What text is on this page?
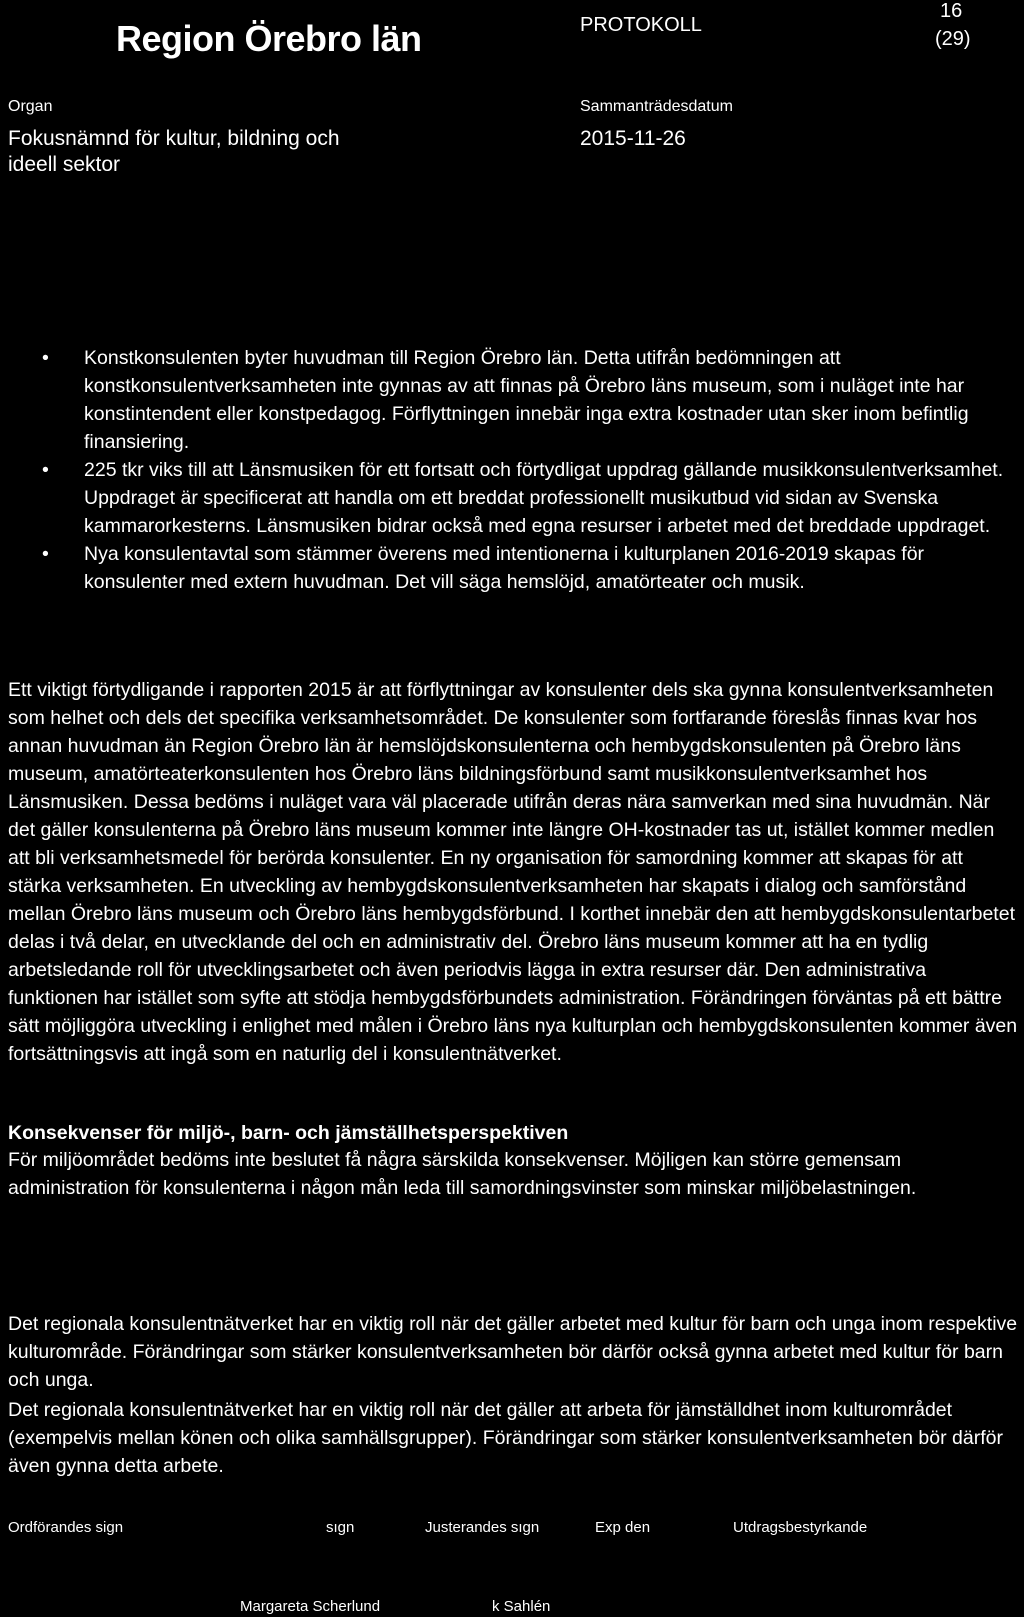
Region Örebro län	PROTOKOLL
16
(29)
Organ
Fokusnämnd för kultur, bildning och ideell sektor
Sammanträdesdatum
2015-11-26
• Konstkonsulenten byter huvudman till Region Örebro län. Detta utifrån bedömningen att konstkonsulentverksamheten inte gynnas av att finnas på Örebro läns museum, som i nuläget inte har konstintendent eller konstpedagog. Förflyttningen innebär inga extra kostnader utan sker inom befintlig finansiering.
• 225 tkr viks till att Länsmusiken för ett fortsatt och förtydligat uppdrag gällande musikkonsulentverksamhet. Uppdraget är specificerat att handla om ett breddat professionellt musikutbud vid sidan av Svenska kammarorkesterns. Länsmusiken bidrar också med egna resurser i arbetet med det breddade uppdraget.
• Nya konsulentavtal som stämmer överens med intentionerna i kulturplanen 2016-2019 skapas för konsulenter med extern huvudman. Det vill säga hemslöjd, amatörteater och musik.
Ett viktigt förtydligande i rapporten 2015 är att förflyttningar av konsulenter dels ska gynna konsulentverksamheten som helhet och dels det specifika verksamhetsområdet. De konsulenter som fortfarande föreslås finnas kvar hos annan huvudman än Region Örebro län är hemslöjdskonsulenterna och hembygdskonsulenten på Örebro läns museum, amatörteaterkonsulenten hos Örebro läns bildningsförbund samt musikkonsulentverksamhet hos Länsmusiken. Dessa bedöms i nuläget vara väl placerade utifrån deras nära samverkan med sina huvudmän. När det gäller konsulenterna på Örebro läns museum kommer inte längre OH-kostnader tas ut, istället kommer medlen att bli verksamhetsmedel för berörda konsulenter. En ny organisation för samordning kommer att skapas för att stärka verksamheten. En utveckling av hembygdskonsulentverksamheten har skapats i dialog och samförstånd mellan Örebro läns museum och Örebro läns hembygdsförbund. I korthet innebär den att hembygdskonsulentarbetet delas i två delar, en utvecklande del och en administrativ del. Örebro läns museum kommer att ha en tydlig arbetsledande roll för utvecklingsarbetet och även periodvis lägga in extra resurser där. Den administrativa funktionen har istället som syfte att stödja hembygdsförbundets administration. Förändringen förväntas på ett bättre sätt möjliggöra utveckling i enlighet med målen i Örebro läns nya kulturplan och hembygdskonsulenten kommer även fortsättningsvis att ingå som en naturlig del i konsulentnätverket.
Konsekvenser för miljö-, barn- och jämställhetsperspektiven
För miljöområdet bedöms inte beslutet få några särskilda konsekvenser. Möjligen kan större gemensam administration för konsulenterna i någon mån leda till samordningsvinster som minskar miljöbelastningen.
Det regionala konsulentnätverket har en viktig roll när det gäller arbetet med kultur för barn och unga inom respektive kulturområde. Förändringar som stärker konsulentverksamheten bör därför också gynna arbetet med kultur för barn och unga.
Det regionala konsulentnätverket har en viktig roll när det gäller att arbeta för jämställdhet inom kulturområdet (exempelvis mellan könen och olika samhällsgrupper). Förändringar som stärker konsulentverksamheten bör därför även gynna detta arbete.
Ordförandes sign	sıgn	Justerandes sıgn	Exp den	Utdragsbestyrkande
Margareta Scherlund	k Sahlén
